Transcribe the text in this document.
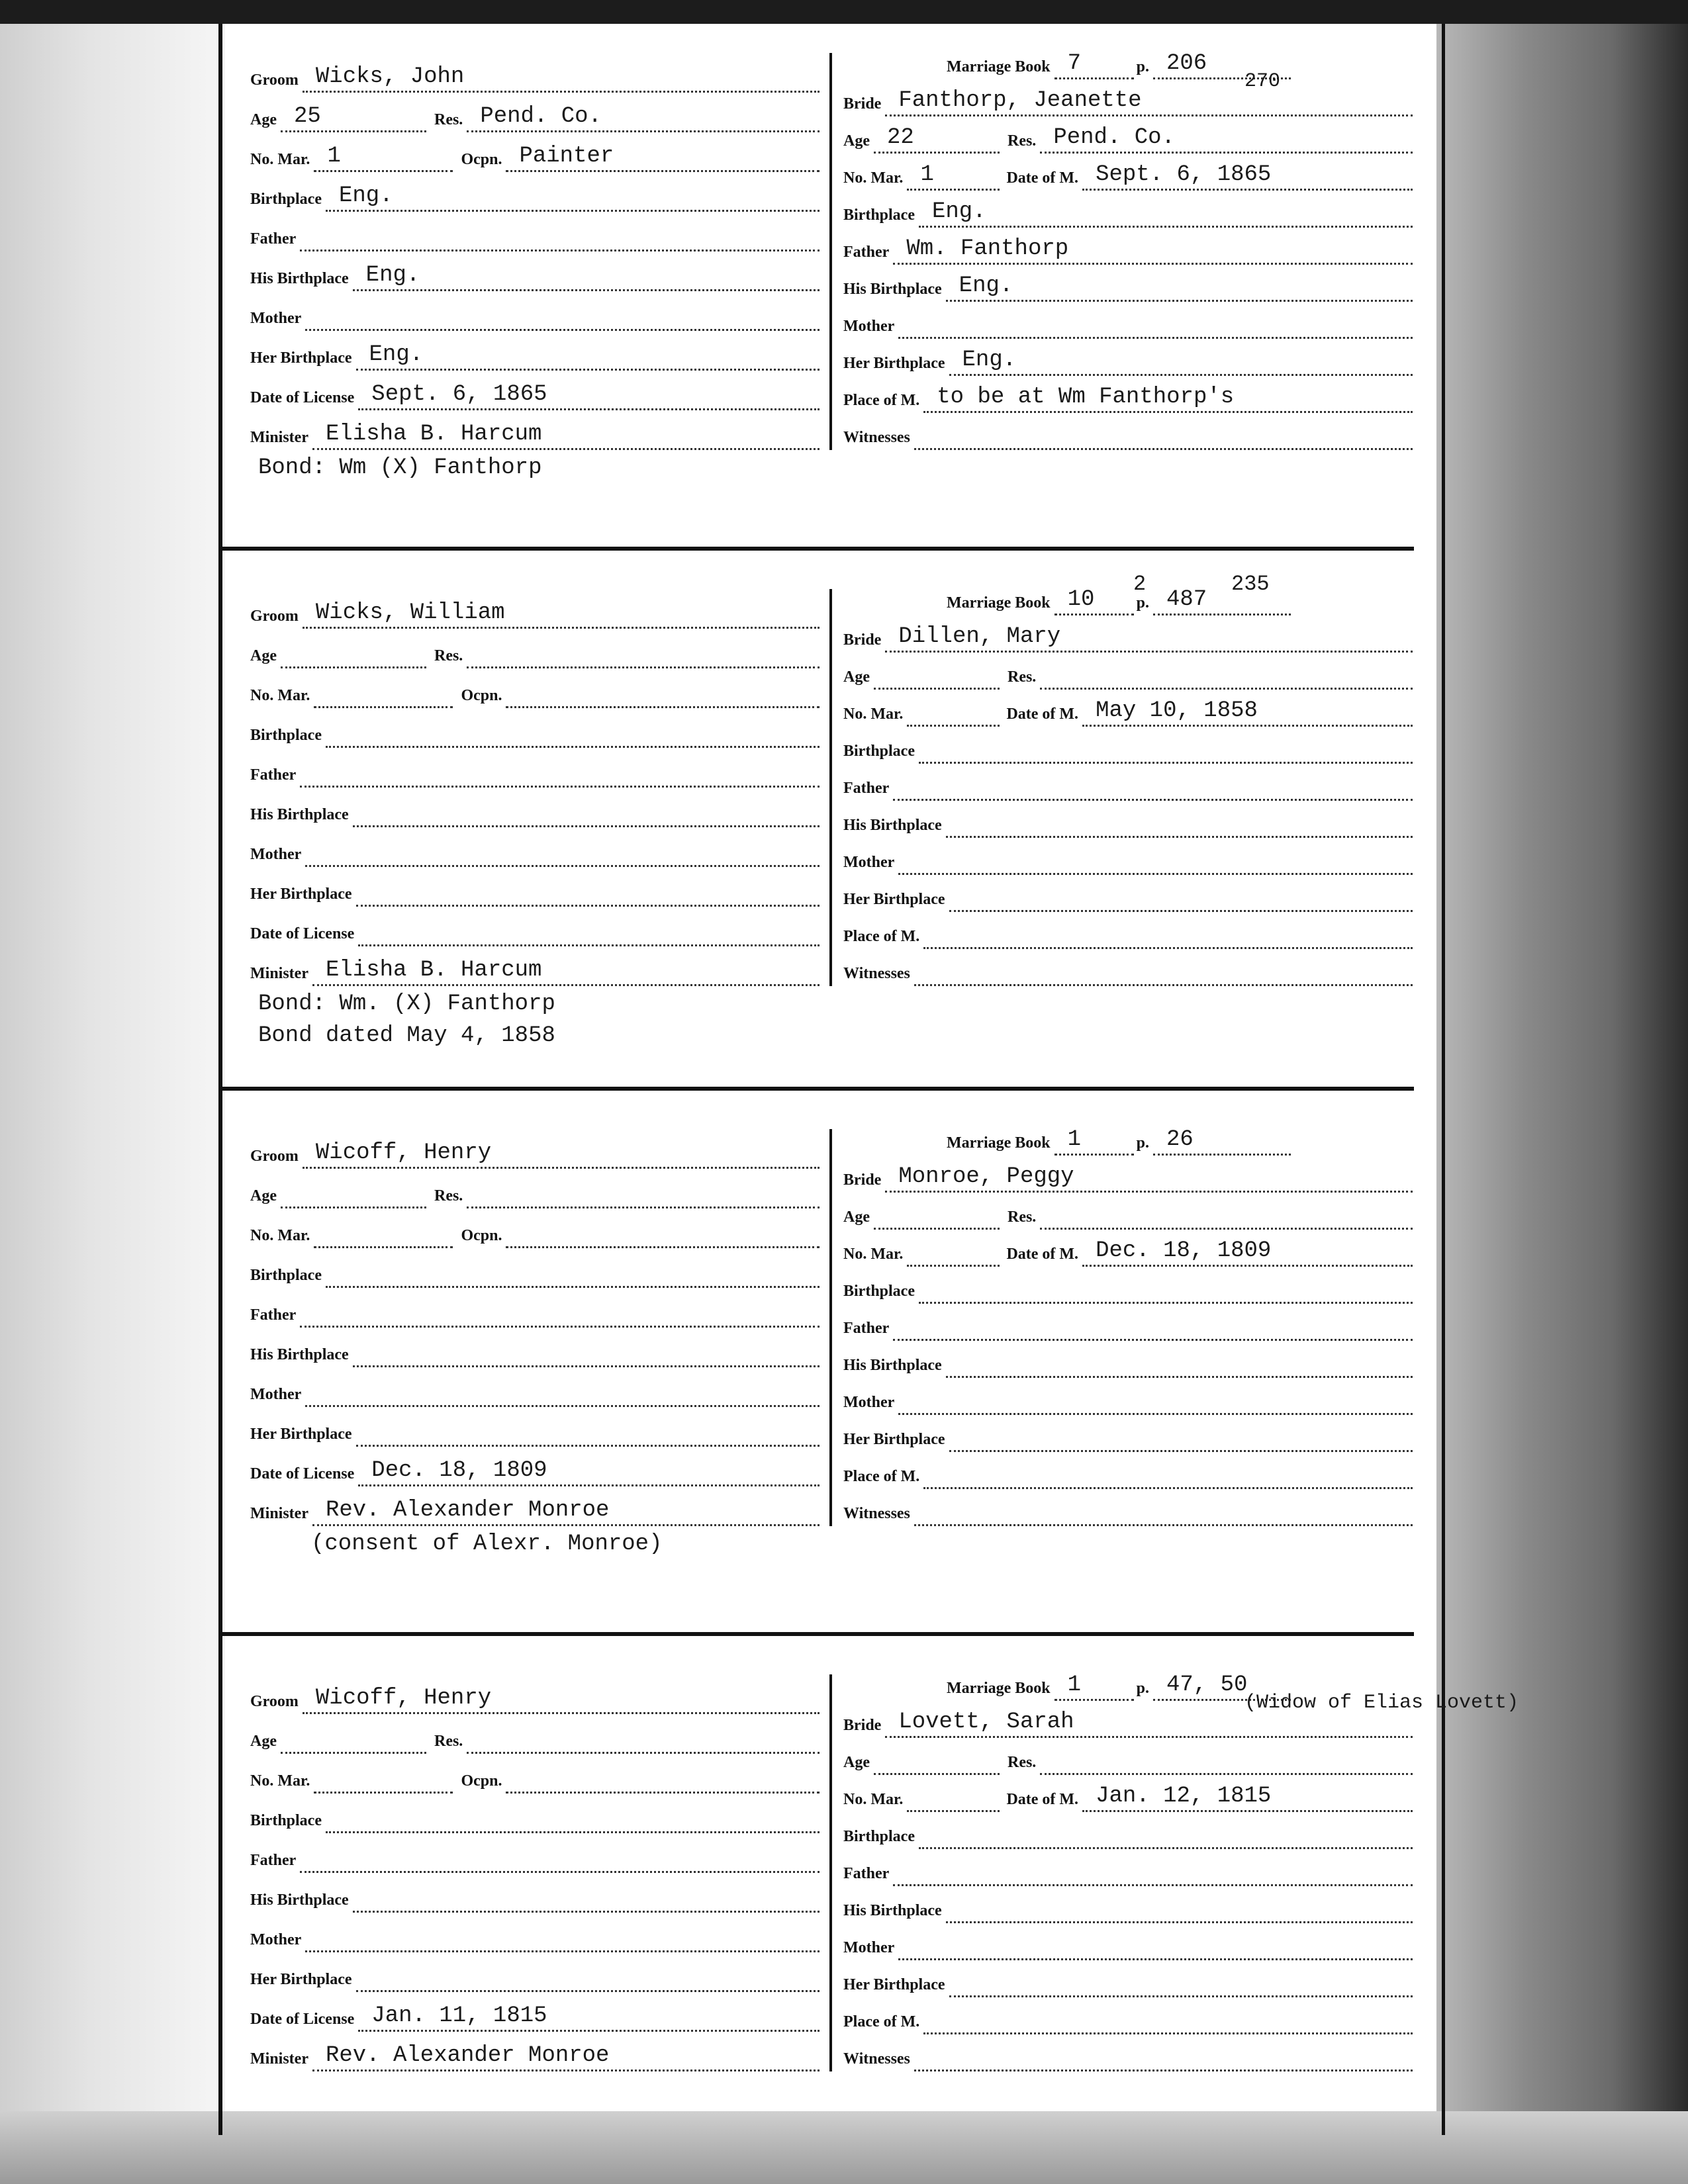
Groom Wicks, John
Age 25	Res. Pend. Co.
No. Mar. 1	Ocpn. Painter
Birthplace Eng.
Father
His Birthplace Eng.
Mother
Her Birthplace Eng.
Date of License Sept. 6, 1865
Minister Elisha B. Harcum
Bond: Wm (X) Fanthorp
Marriage Book 7	p. 206
Bride Fanthorp, Jeanette
270
Age 22	Res. Pend. Co.
No. Mar. 1	Date of M. Sept. 6, 1865
Birthplace Eng.
Father Wm. Fanthorp
His Birthplace Eng.
Mother
Her Birthplace Eng.
Place of M. to be at Wm Fanthorp's
Witnesses
Groom Wicks, William
Age	Res.
No. Mar.	Ocpn.
Birthplace
Father
His Birthplace
Mother
Her Birthplace
Date of License
Minister Elisha B. Harcum
Bond: Wm. (X) Fanthorp
Bond dated May 4, 1858
235
2
Marriage Book 10	p. 487
Bride Dillen, Mary
Age	Res.
No. Mar.	Date of M. May 10, 1858
Birthplace
Father
His Birthplace
Mother
Her Birthplace
Place of M.
Witnesses
Groom Wicoff, Henry
Age	Res.
No. Mar.	Ocpn.
Birthplace
Father
His Birthplace
Mother
Her Birthplace
Date of License Dec. 18, 1809
Minister Rev. Alexander Monroe
(consent of Alexr. Monroe)
Marriage Book 1	p. 26
Bride Monroe, Peggy
Age	Res.
No. Mar.	Date of M. Dec. 18, 1809
Birthplace
Father
His Birthplace
Mother
Her Birthplace
Place of M.
Witnesses
Groom Wicoff, Henry
Age	Res.
No. Mar.	Ocpn.
Birthplace
Father
His Birthplace
Mother
Her Birthplace
Date of License Jan. 11, 1815
Minister Rev. Alexander Monroe
Marriage Book 1	p. 47, 50
Bride Lovett, Sarah
(Widow of Elias Lovett)
Age	Res.
No. Mar.	Date of M. Jan. 12, 1815
Birthplace
Father
His Birthplace
Mother
Her Birthplace
Place of M.
Witnesses
